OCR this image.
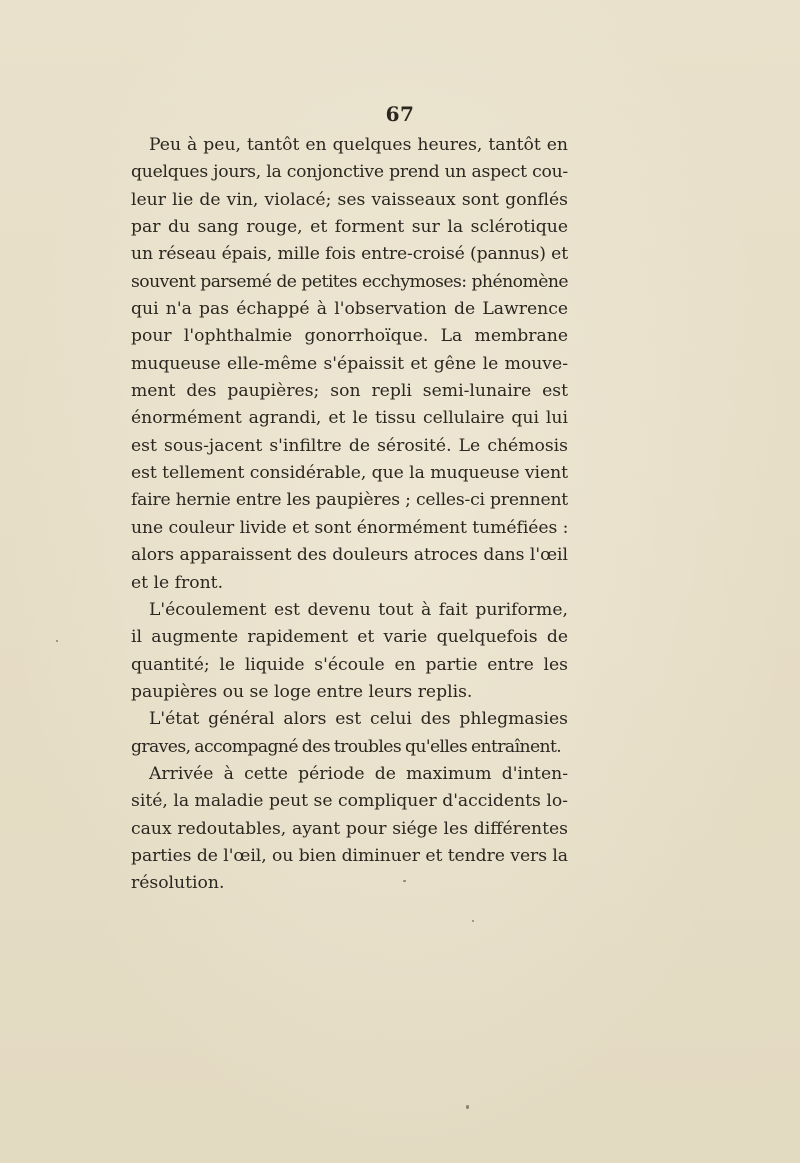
67

Peu à peu, tantôt en quelques heures, tantôt en
quelques jours, la conjonctive prend un aspect cou-
leur lie de vin, violacé; ses vaisseaux sont gonflés
par du sang rouge, et forment sur la sclérotique
un réseau épais, mille fois entre-croisé (pannus) et
souvent parsemé de petites ecchymoses: phénomène
qui n'a pas échappé à l'observation de Lawrence
pour l'ophthalmie gonorrhoïque. La membrane
muqueuse elle-même s'épaissit et gêne le mouve-
ment des paupières; son repli semi-lunaire est
énormément agrandi, et le tissu cellulaire qui lui
est sous-jacent s'infiltre de sérosité. Le chémosis
est tellement considérable, que la muqueuse vient
faire hernie entre les paupières ; celles-ci prennent
une couleur livide et sont énormément tuméfiées :
alors apparaissent des douleurs atroces dans l'œil
et le front.

L'écoulement est devenu tout à fait puriforme,
il augmente rapidement et varie quelquefois de
quantité; le liquide s'écoule en partie entre les
paupières ou se loge entre leurs replis.

L'état général alors est celui des phlegmasies
graves, accompagné des troubles qu'elles entraînent.

Arrivée à cette période de maximum d'inten-
sité, la maladie peut se compliquer d'accidents lo-
caux redoutables, ayant pour siége les différentes
parties de l'œil, ou bien diminuer et tendre vers la
résolution.
